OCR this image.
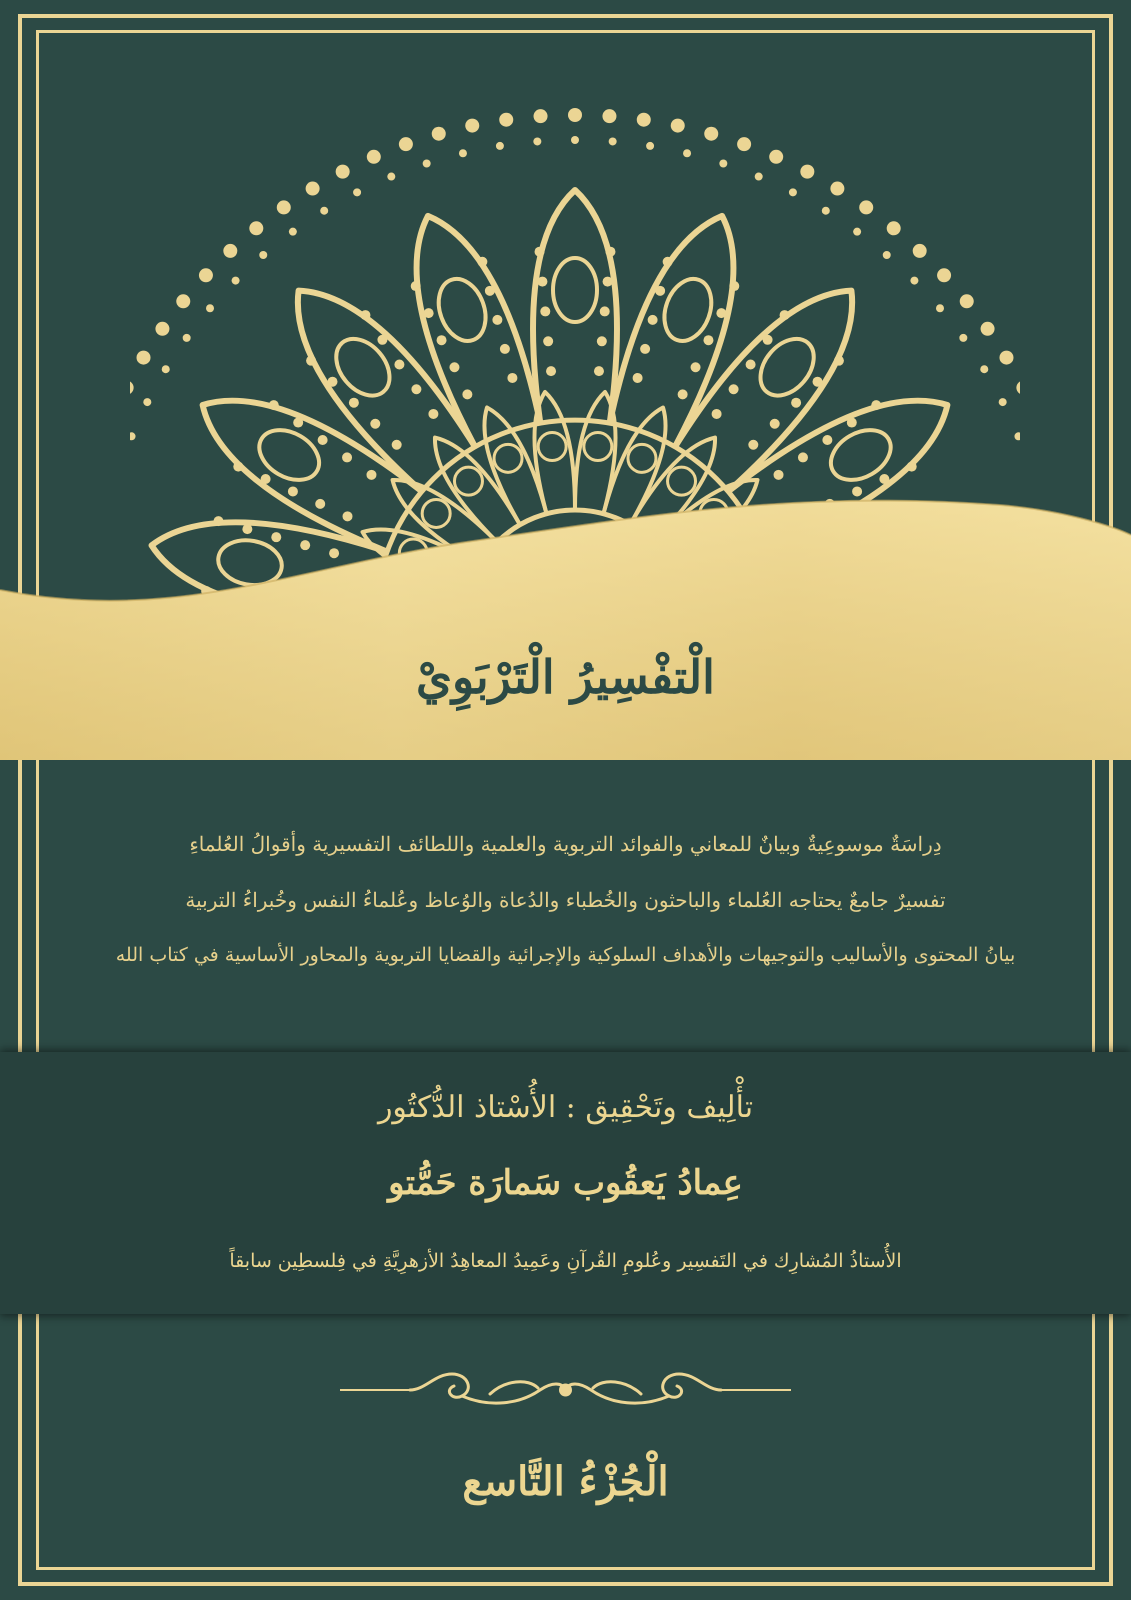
الْتفْسِيرُ الْتَرْبَوِيْ
دِراسَةٌ موسوعِيةٌ وبيانٌ للمعاني والفوائد التربوية والعلمية واللطائف التفسيرية وأقوالُ العُلماءِ
تفسيرٌ جامعٌ يحتاجه العُلماء والباحثون والخُطباء والدُعاة والوُعاظ وعُلماءُ النفس وخُبراءُ التربية
بيانُ المحتوى والأساليب والتوجيهات والأهداف السلوكية والإجرائية والقضايا التربوية والمحاور الأساسية في كتاب الله
تأْلِيف وتَحْقِيق : الأُسْتاذ الدُّكتُور
عِمادُ يَعقُوب سَمارَة حَمُّتو
الأُستاذُ المُشارِك في التَفسِير وعُلومِ القُرآنِ وعَمِيدُ المعاهِدُ الأزهرِيَّةِ في فِلسطِين سابقاً
الْجُزْءُ التَّاسع
